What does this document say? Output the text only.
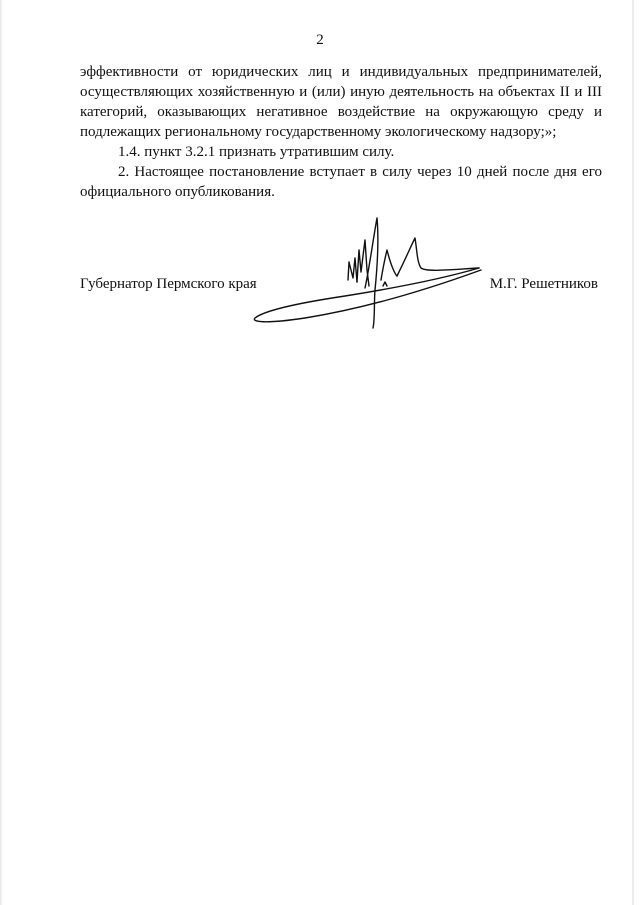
2

эффективности от юридических лиц и индивидуальных предпринимателей, осуществляющих хозяйственную и (или) иную деятельность на объектах II и III категорий, оказывающих негативное воздействие на окружающую среду и подлежащих региональному государственному экологическому надзору;»;

1.4. пункт 3.2.1 признать утратившим силу.

2. Настоящее постановление вступает в силу через 10 дней после дня его официального опубликования.

Губернатор Пермского края	М.Г. Решетников
